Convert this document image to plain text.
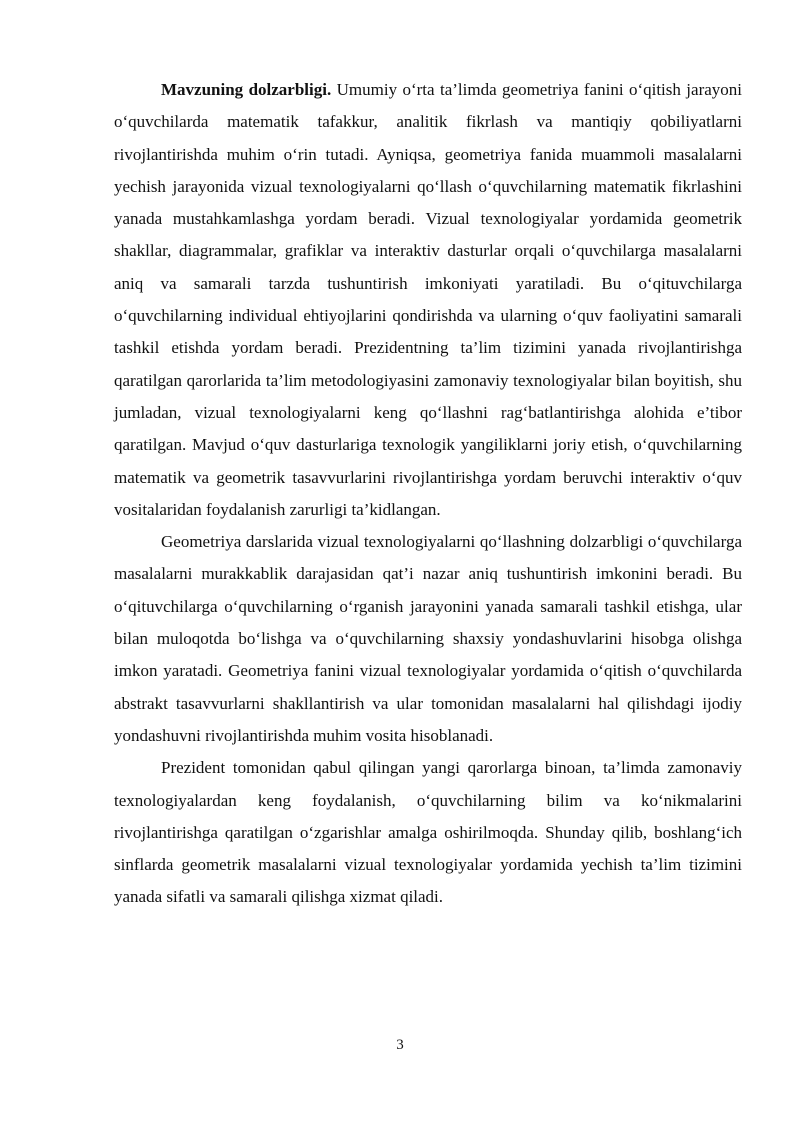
Mavzuning dolzarbligi. Umumiy o‘rta ta’limda geometriya fanini o‘qitish jarayoni o‘quvchilarda matematik tafakkur, analitik fikrlash va mantiqiy qobiliyatlarni rivojlantirishda muhim o‘rin tutadi. Ayniqsa, geometriya fanida muammoli masalalarni yechish jarayonida vizual texnologiyalarni qo‘llash o‘quvchilarning matematik fikrlashini yanada mustahkamlashga yordam beradi. Vizual texnologiyalar yordamida geometrik shakllar, diagrammalar, grafiklar va interaktiv dasturlar orqali o‘quvchilarga masalalarni aniq va samarali tarzda tushuntirish imkoniyati yaratiladi. Bu o‘qituvchilarga o‘quvchilarning individual ehtiyojlarini qondirishda va ularning o‘quv faoliyatini samarali tashkil etishda yordam beradi. Prezidentning ta’lim tizimini yanada rivojlantirishga qaratilgan qarorlarida ta’lim metodologiyasini zamonaviy texnologiyalar bilan boyitish, shu jumladan, vizual texnologiyalarni keng qo‘llashni rag‘batlantirishga alohida e’tibor qaratilgan. Mavjud o‘quv dasturlariga texnologik yangiliklarni joriy etish, o‘quvchilarning matematik va geometrik tasavvurlarini rivojlantirishga yordam beruvchi interaktiv o‘quv vositalaridan foydalanish zarurligi ta’kidlangan.

Geometriya darslarida vizual texnologiyalarni qo‘llashning dolzarbligi o‘quvchilarga masalalarni murakkablik darajasidan qat’i nazar aniq tushuntirish imkonini beradi. Bu o‘qituvchilarga o‘quvchilarning o‘rganish jarayonini yanada samarali tashkil etishga, ular bilan muloqotda bo‘lishga va o‘quvchilarning shaxsiy yondashuvlarini hisobga olishga imkon yaratadi. Geometriya fanini vizual texnologiyalar yordamida o‘qitish o‘quvchilarda abstrakt tasavvurlarni shakllantirish va ular tomonidan masalalarni hal qilishdagi ijodiy yondashuvni rivojlantirishda muhim vosita hisoblanadi.

Prezident tomonidan qabul qilingan yangi qarorlarga binoan, ta’limda zamonaviy texnologiyalardan keng foydalanish, o‘quvchilarning bilim va ko‘nikmalarini rivojlantirishga qaratilgan o‘zgarishlar amalga oshirilmoqda. Shunday qilib, boshlang‘ich sinflarda geometrik masalalarni vizual texnologiyalar yordamida yechish ta’lim tizimini yanada sifatli va samarali qilishga xizmat qiladi.

3
